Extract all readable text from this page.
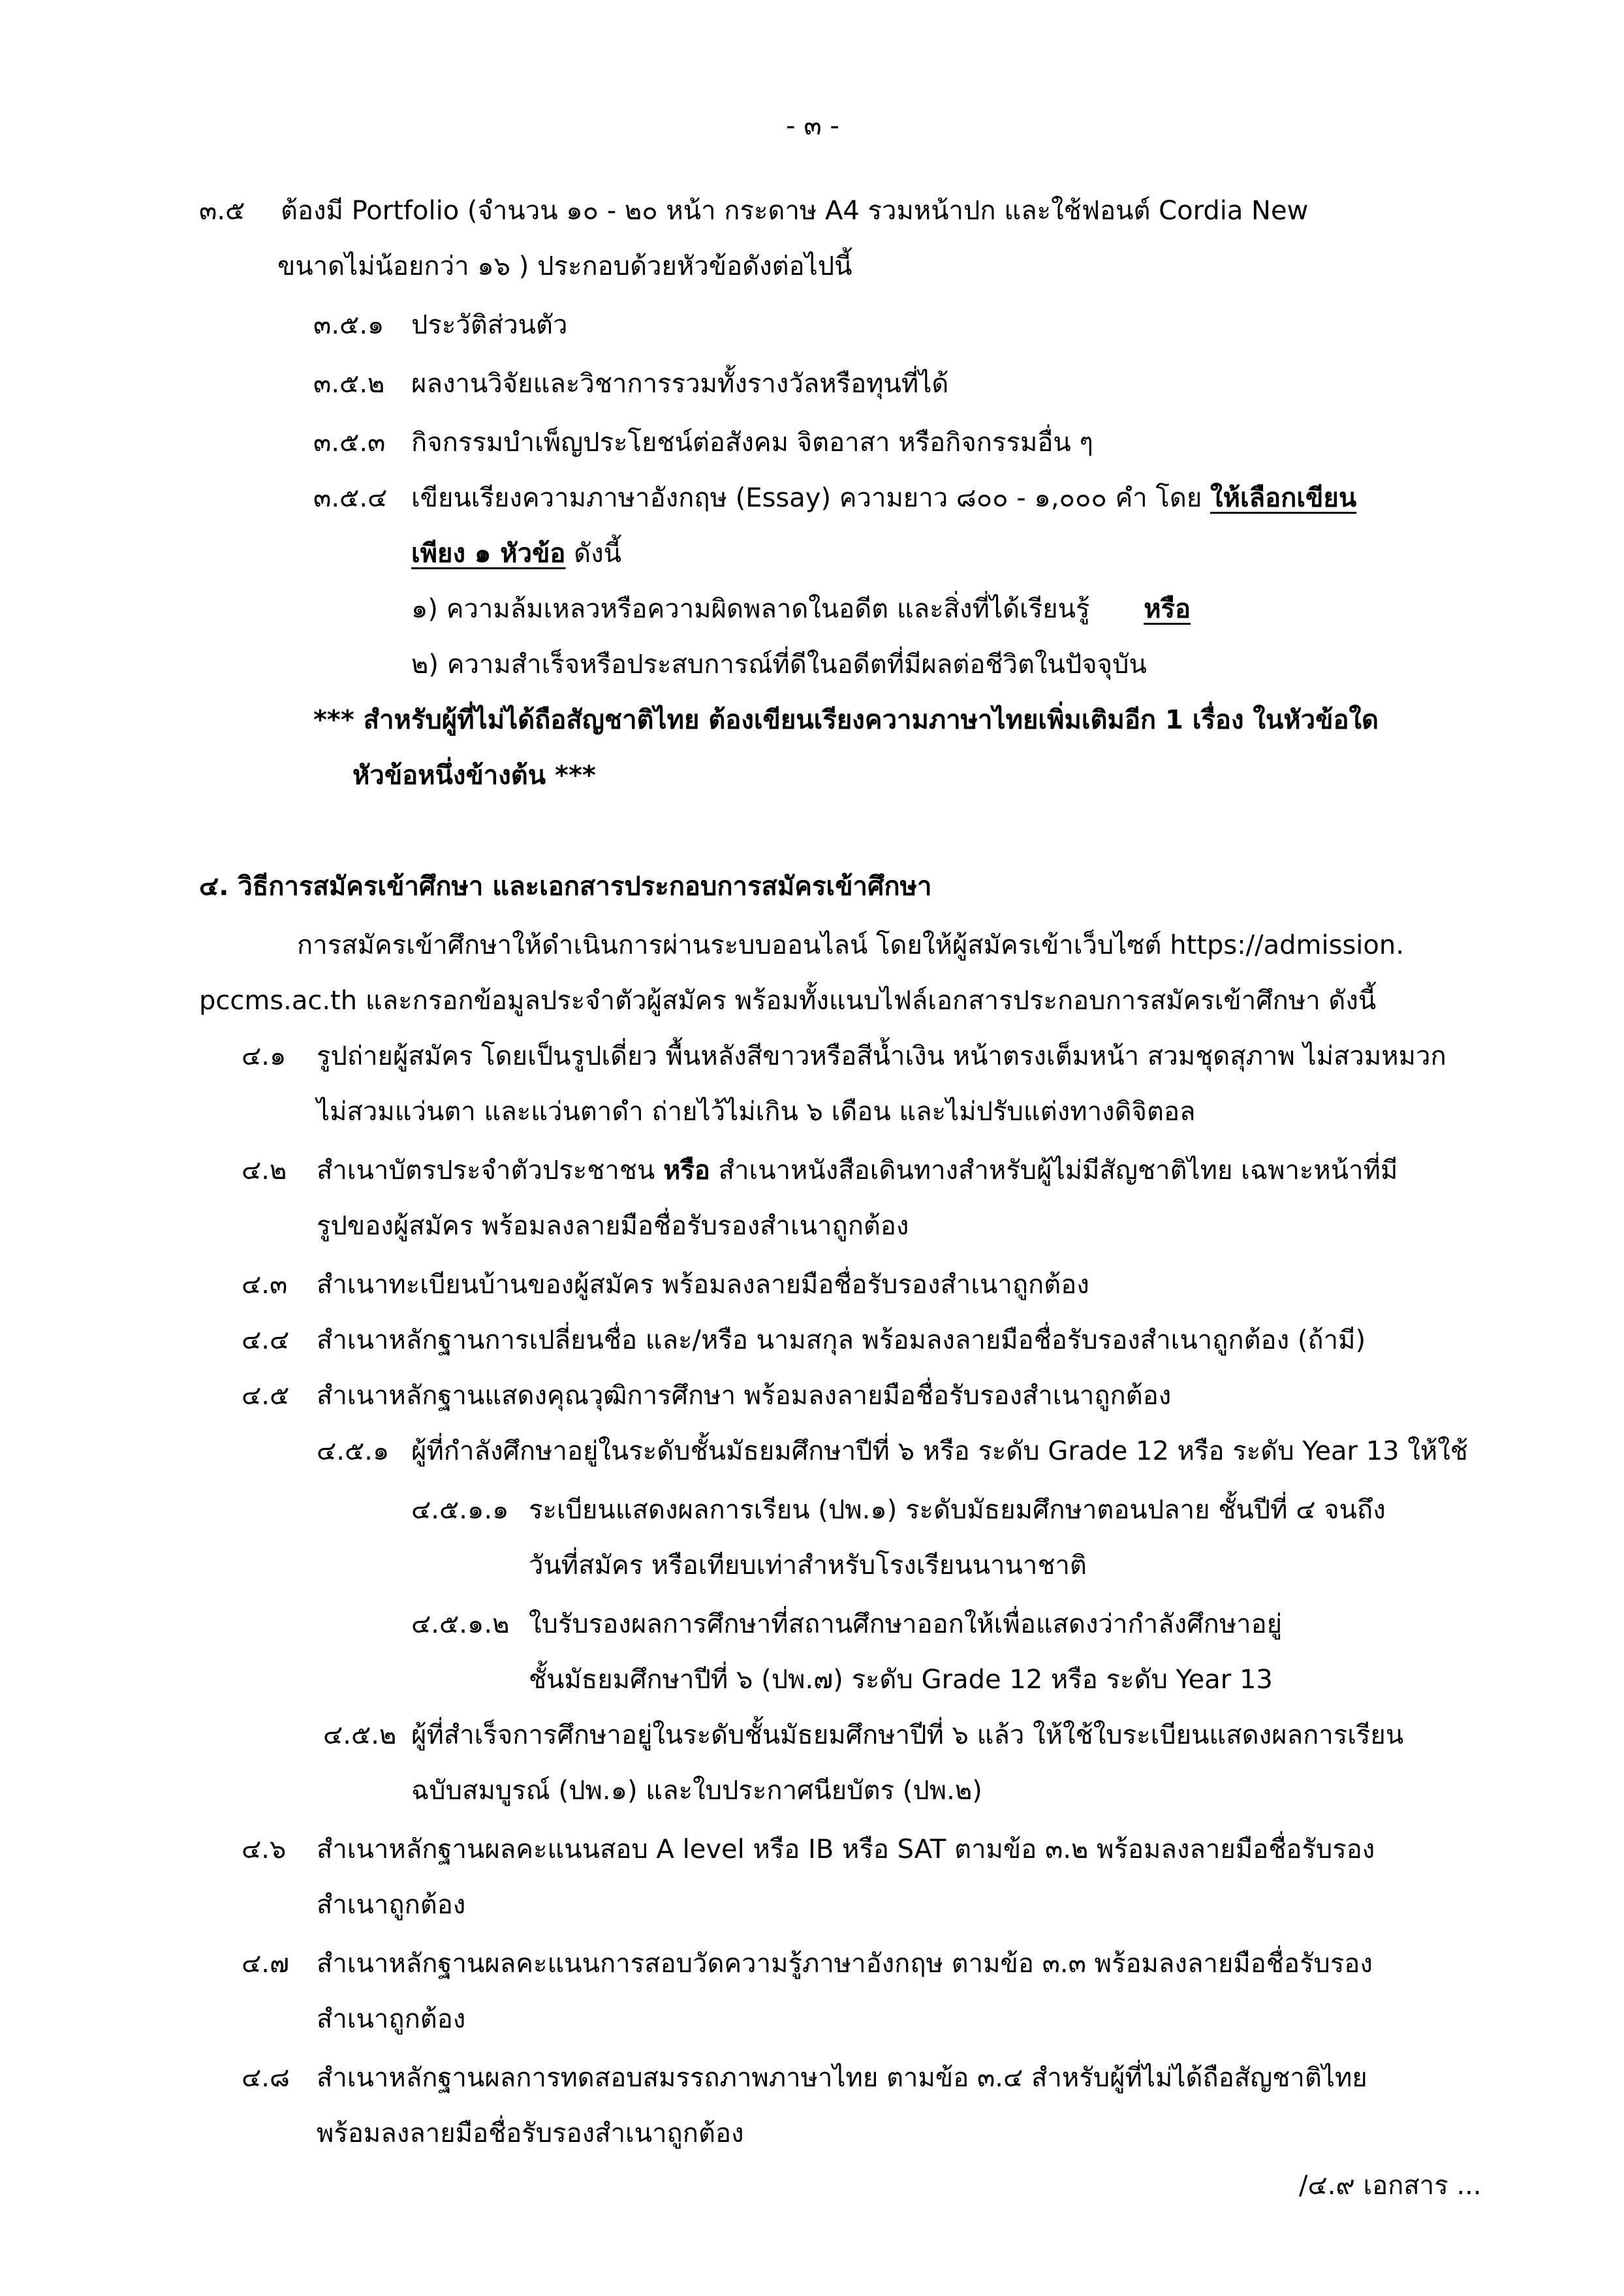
- ๓ -
๓.๕ ต้องมี Portfolio (จำนวน ๑๐ - ๒๐ หน้า กระดาษ A4 รวมหน้าปก และใช้ฟอนต์ Cordia New
ขนาดไม่น้อยกว่า ๑๖ ) ประกอบด้วยหัวข้อดังต่อไปนี้
๓.๕.๑ ประวัติส่วนตัว
๓.๕.๒ ผลงานวิจัยและวิชาการรวมทั้งรางวัลหรือทุนที่ได้
๓.๕.๓ กิจกรรมบำเพ็ญประโยชน์ต่อสังคม จิตอาสา หรือกิจกรรมอื่น ๆ
๓.๕.๔ เขียนเรียงความภาษาอังกฤษ (Essay) ความยาว ๘๐๐ - ๑,๐๐๐ คำ โดย ให้เลือกเขียน
เพียง ๑ หัวข้อ ดังนี้
๑) ความล้มเหลวหรือความผิดพลาดในอดีต และสิ่งที่ได้เรียนรู้ หรือ
๒) ความสำเร็จหรือประสบการณ์ที่ดีในอดีตที่มีผลต่อชีวิตในปัจจุบัน
*** สำหรับผู้ที่ไม่ได้ถือสัญชาติไทย ต้องเขียนเรียงความภาษาไทยเพิ่มเติมอีก 1 เรื่อง ในหัวข้อใด
หัวข้อหนึ่งข้างต้น ***
๔. วิธีการสมัครเข้าศึกษา และเอกสารประกอบการสมัครเข้าศึกษา
การสมัครเข้าศึกษาให้ดำเนินการผ่านระบบออนไลน์ โดยให้ผู้สมัครเข้าเว็บไซต์ https://admission.
pccms.ac.th และกรอกข้อมูลประจำตัวผู้สมัคร พร้อมทั้งแนบไฟล์เอกสารประกอบการสมัครเข้าศึกษา ดังนี้
๔.๑ รูปถ่ายผู้สมัคร โดยเป็นรูปเดี่ยว พื้นหลังสีขาวหรือสีน้ำเงิน หน้าตรงเต็มหน้า สวมชุดสุภาพ ไม่สวมหมวก
ไม่สวมแว่นตา และแว่นตาดำ ถ่ายไว้ไม่เกิน ๖ เดือน และไม่ปรับแต่งทางดิจิตอล
๔.๒ สำเนาบัตรประจำตัวประชาชน หรือ สำเนาหนังสือเดินทางสำหรับผู้ไม่มีสัญชาติไทย เฉพาะหน้าที่มี
รูปของผู้สมัคร พร้อมลงลายมือชื่อรับรองสำเนาถูกต้อง
๔.๓ สำเนาทะเบียนบ้านของผู้สมัคร พร้อมลงลายมือชื่อรับรองสำเนาถูกต้อง
๔.๔ สำเนาหลักฐานการเปลี่ยนชื่อ และ/หรือ นามสกุล พร้อมลงลายมือชื่อรับรองสำเนาถูกต้อง (ถ้ามี)
๔.๕ สำเนาหลักฐานแสดงคุณวุฒิการศึกษา พร้อมลงลายมือชื่อรับรองสำเนาถูกต้อง
๔.๕.๑ ผู้ที่กำลังศึกษาอยู่ในระดับชั้นมัธยมศึกษาปีที่ ๖ หรือ ระดับ Grade 12 หรือ ระดับ Year 13 ให้ใช้
๔.๕.๑.๑ ระเบียนแสดงผลการเรียน (ปพ.๑) ระดับมัธยมศึกษาตอนปลาย ชั้นปีที่ ๔ จนถึง
วันที่สมัคร หรือเทียบเท่าสำหรับโรงเรียนนานาชาติ
๔.๕.๑.๒ ใบรับรองผลการศึกษาที่สถานศึกษาออกให้เพื่อแสดงว่ากำลังศึกษาอยู่
ชั้นมัธยมศึกษาปีที่ ๖ (ปพ.๗) ระดับ Grade 12 หรือ ระดับ Year 13
๔.๕.๒ ผู้ที่สำเร็จการศึกษาอยู่ในระดับชั้นมัธยมศึกษาปีที่ ๖ แล้ว ให้ใช้ใบระเบียนแสดงผลการเรียน
ฉบับสมบูรณ์ (ปพ.๑) และใบประกาศนียบัตร (ปพ.๒)
๔.๖ สำเนาหลักฐานผลคะแนนสอบ A level หรือ IB หรือ SAT ตามข้อ ๓.๒ พร้อมลงลายมือชื่อรับรอง
สำเนาถูกต้อง
๔.๗ สำเนาหลักฐานผลคะแนนการสอบวัดความรู้ภาษาอังกฤษ ตามข้อ ๓.๓ พร้อมลงลายมือชื่อรับรอง
สำเนาถูกต้อง
๔.๘ สำเนาหลักฐานผลการทดสอบสมรรถภาพภาษาไทย ตามข้อ ๓.๔ สำหรับผู้ที่ไม่ได้ถือสัญชาติไทย
พร้อมลงลายมือชื่อรับรองสำเนาถูกต้อง
/๔.๙ เอกสาร ...
